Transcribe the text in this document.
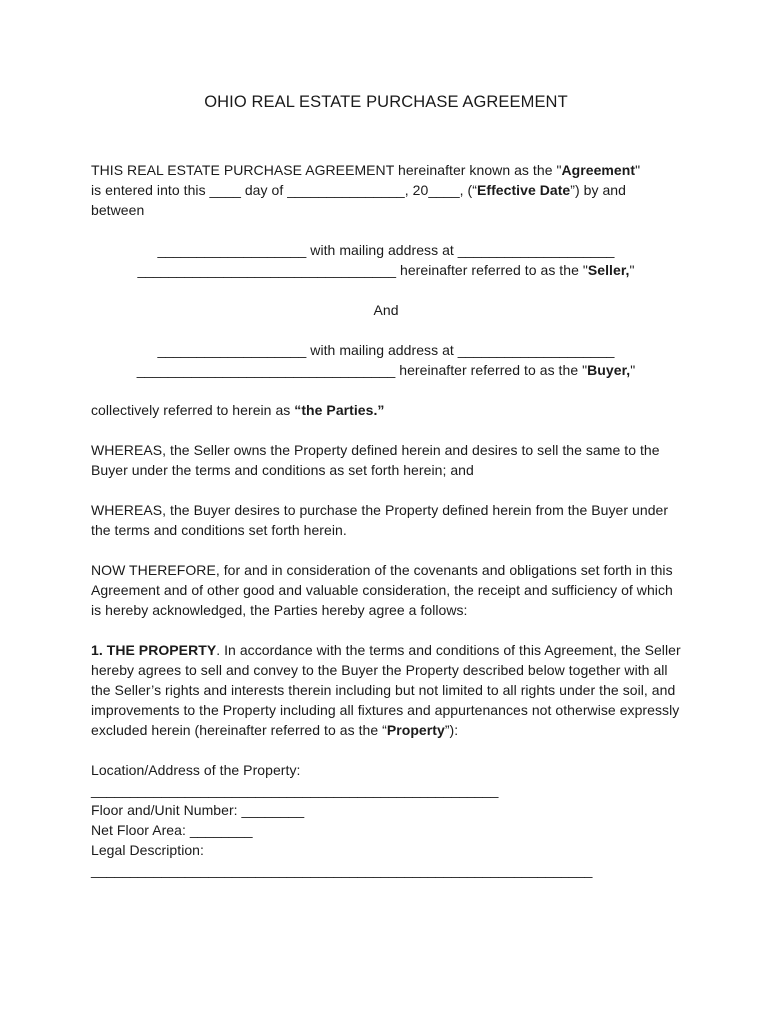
OHIO REAL ESTATE PURCHASE AGREEMENT

THIS REAL ESTATE PURCHASE AGREEMENT hereinafter known as the "Agreement"
is entered into this ____ day of _______________, 20____, (“Effective Date”) by and between

___________________ with mailing address at ____________________

_________________________________ hereinafter referred to as the "Seller,"

And

___________________ with mailing address at ____________________

_________________________________ hereinafter referred to as the "Buyer,"

collectively referred to herein as “the Parties.”

WHEREAS, the Seller owns the Property defined herein and desires to sell the same to the Buyer under the terms and conditions as set forth herein; and

WHEREAS, the Buyer desires to purchase the Property defined herein from the Buyer under the terms and conditions set forth herein.

NOW THEREFORE, for and in consideration of the covenants and obligations set forth in this Agreement and of other good and valuable consideration, the receipt and sufficiency of which is hereby acknowledged, the Parties hereby agree a follows:

1. THE PROPERTY. In accordance with the terms and conditions of this Agreement, the Seller hereby agrees to sell and convey to the Buyer the Property described below together with all the Seller’s rights and interests therein including but not limited to all rights under the soil, and improvements to the Property including all fixtures and appurtenances not otherwise expressly excluded herein (hereinafter referred to as the “Property”):

Location/Address of the Property:

____________________________________________________

Floor and/Unit Number: ________

Net Floor Area: ________

Legal Description:

________________________________________________________________
